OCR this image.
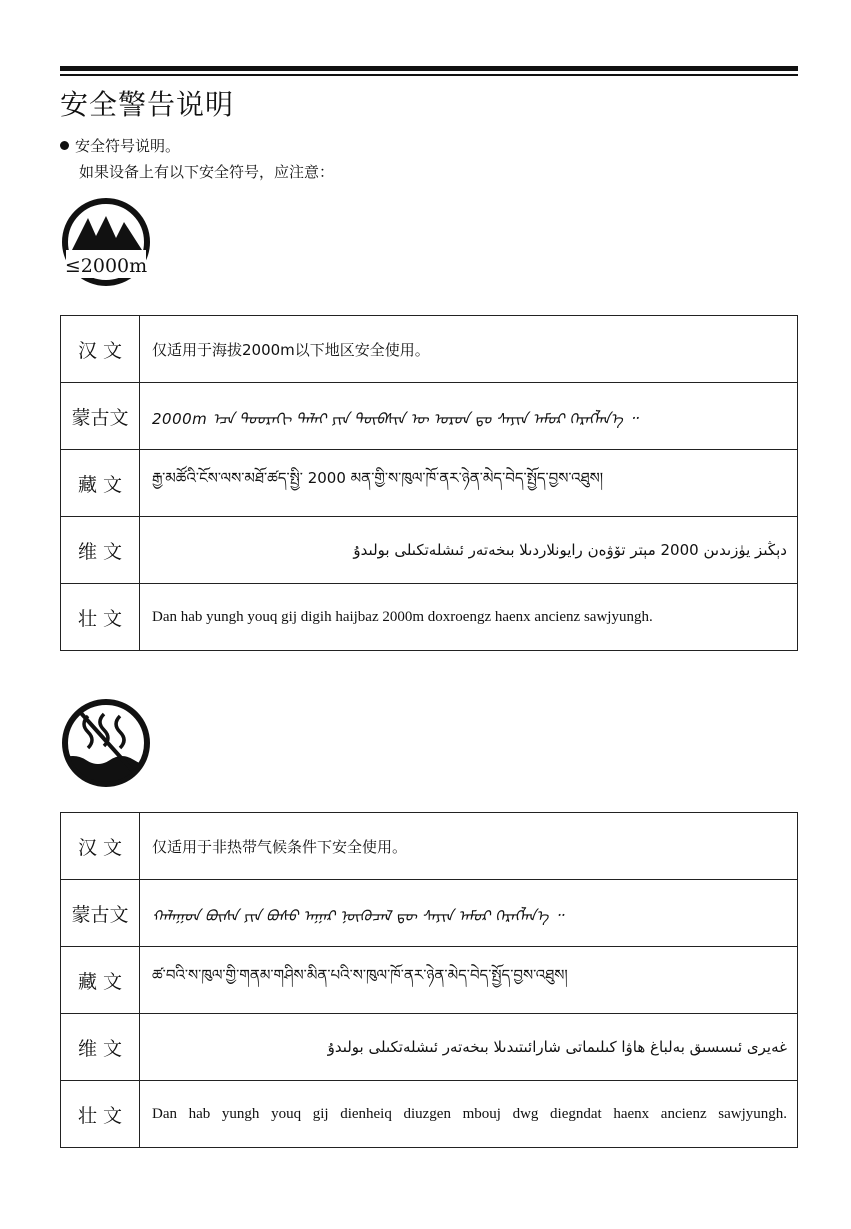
安全警告说明
安全符号说明。
如果设备上有以下安全符号，应注意：
≤2000m
汉 文	仅适用于海拔2000m以下地区安全使用。
蒙古文	2000m ᠡᠴᠡ ᠳᠣᠣᠷᠠᠬᠢ ᠳᠠᠯᠠᠢ ᠶᠢᠨ ᠲᠦᠪᠰᠢᠨ ᠦ ᠣᠷᠣᠨ ᠳᠤ ᠰᠠᠶᠢᠨ ᠠᠮᠤᠷ ᠬᠡᠷᠡᠭᠯᠡᠨ᠎ᠡ ᠃
藏 文	རྒྱ་མཚོའི་ངོས་ལས་མཐོ་ཚད་སྤྱི་ 2000 མན་གྱི་ས་ཁུལ་ཁོ་ནར་ཉེན་མེད་བེད་སྤྱོད་བྱས་འཐུས།
维 文	دېڭىز يۈزىدىن 2000 مېتر تۆۋەن رايونلاردىلا بىخەتەر ئىشلەتكىلى بولىدۇ
壮 文	Dan hab yungh youq gij digih haijbaz 2000m doxroengz haenx ancienz sawjyungh.
汉 文	仅适用于非热带气候条件下安全使用。
蒙古文	ᠬᠠᠯᠠᠭᠤᠨ ᠪᠦᠰᠡ ᠶᠢᠨ ᠪᠤᠰᠤ ᠠᠭᠠᠷ ᠨᠦᠬᠦᠴᠡᠯ ᠳᠦ ᠰᠠᠶᠢᠨ ᠠᠮᠤᠷ ᠬᠡᠷᠡᠭᠯᠡᠨ᠎ᠡ ᠃
藏 文	ཚ་བའི་ས་ཁུལ་གྱི་གནམ་གཤིས་མིན་པའི་ས་ཁུལ་ཁོ་ནར་ཉེན་མེད་བེད་སྤྱོད་བྱས་འཐུས།
维 文	غەيرى ئىسسىق بەلباغ هاۋا كىلىماتى شارائىتىدىلا بىخەتەر ئىشلەتكىلى بولىدۇ
壮 文	Dan hab yungh youq gij dienheiq diuzgen mbouj dwg diegndat haenx ancienz sawjyungh.
